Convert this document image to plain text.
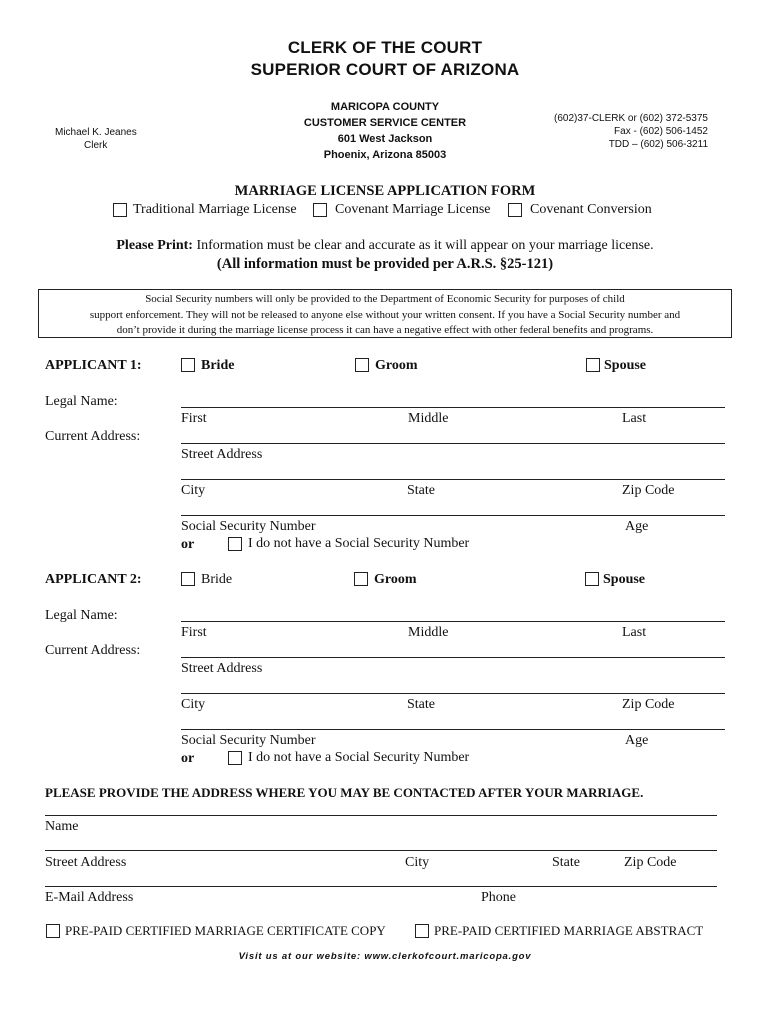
CLERK OF THE COURT
SUPERIOR COURT OF ARIZONA
Michael K. Jeanes
Clerk
MARICOPA COUNTY
CUSTOMER SERVICE CENTER
601 West Jackson
Phoenix, Arizona 85003
(602)37-CLERK or (602) 372-5375
Fax - (602) 506-1452
TDD – (602) 506-3211
MARRIAGE LICENSE APPLICATION FORM
Traditional Marriage License	Covenant Marriage License	Covenant Conversion
Please Print: Information must be clear and accurate as it will appear on your marriage license.
(All information must be provided per A.R.S. §25-121)
Social Security numbers will only be provided to the Department of Economic Security for purposes of child
support enforcement. They will not be released to anyone else without your written consent. If you have a Social Security number and
don’t provide it during the marriage license process it can have a negative effect with other federal benefits and programs.
APPLICANT 1:	Bride	Groom	Spouse
Legal Name:
First	Middle	Last
Current Address:
Street Address
City	State	Zip Code
Social Security Number	Age
or	I do not have a Social Security Number
APPLICANT 2:	Bride	Groom	Spouse
Legal Name:
First	Middle	Last
Current Address:
Street Address
City	State	Zip Code
Social Security Number	Age
or	I do not have a Social Security Number
PLEASE PROVIDE THE ADDRESS WHERE YOU MAY BE CONTACTED AFTER YOUR MARRIAGE.
Name
Street Address	City	State	Zip Code
E-Mail Address	Phone
PRE-PAID CERTIFIED MARRIAGE CERTIFICATE COPY	PRE-PAID CERTIFIED MARRIAGE ABSTRACT
Visit us at our website: www.clerkofcourt.maricopa.gov
